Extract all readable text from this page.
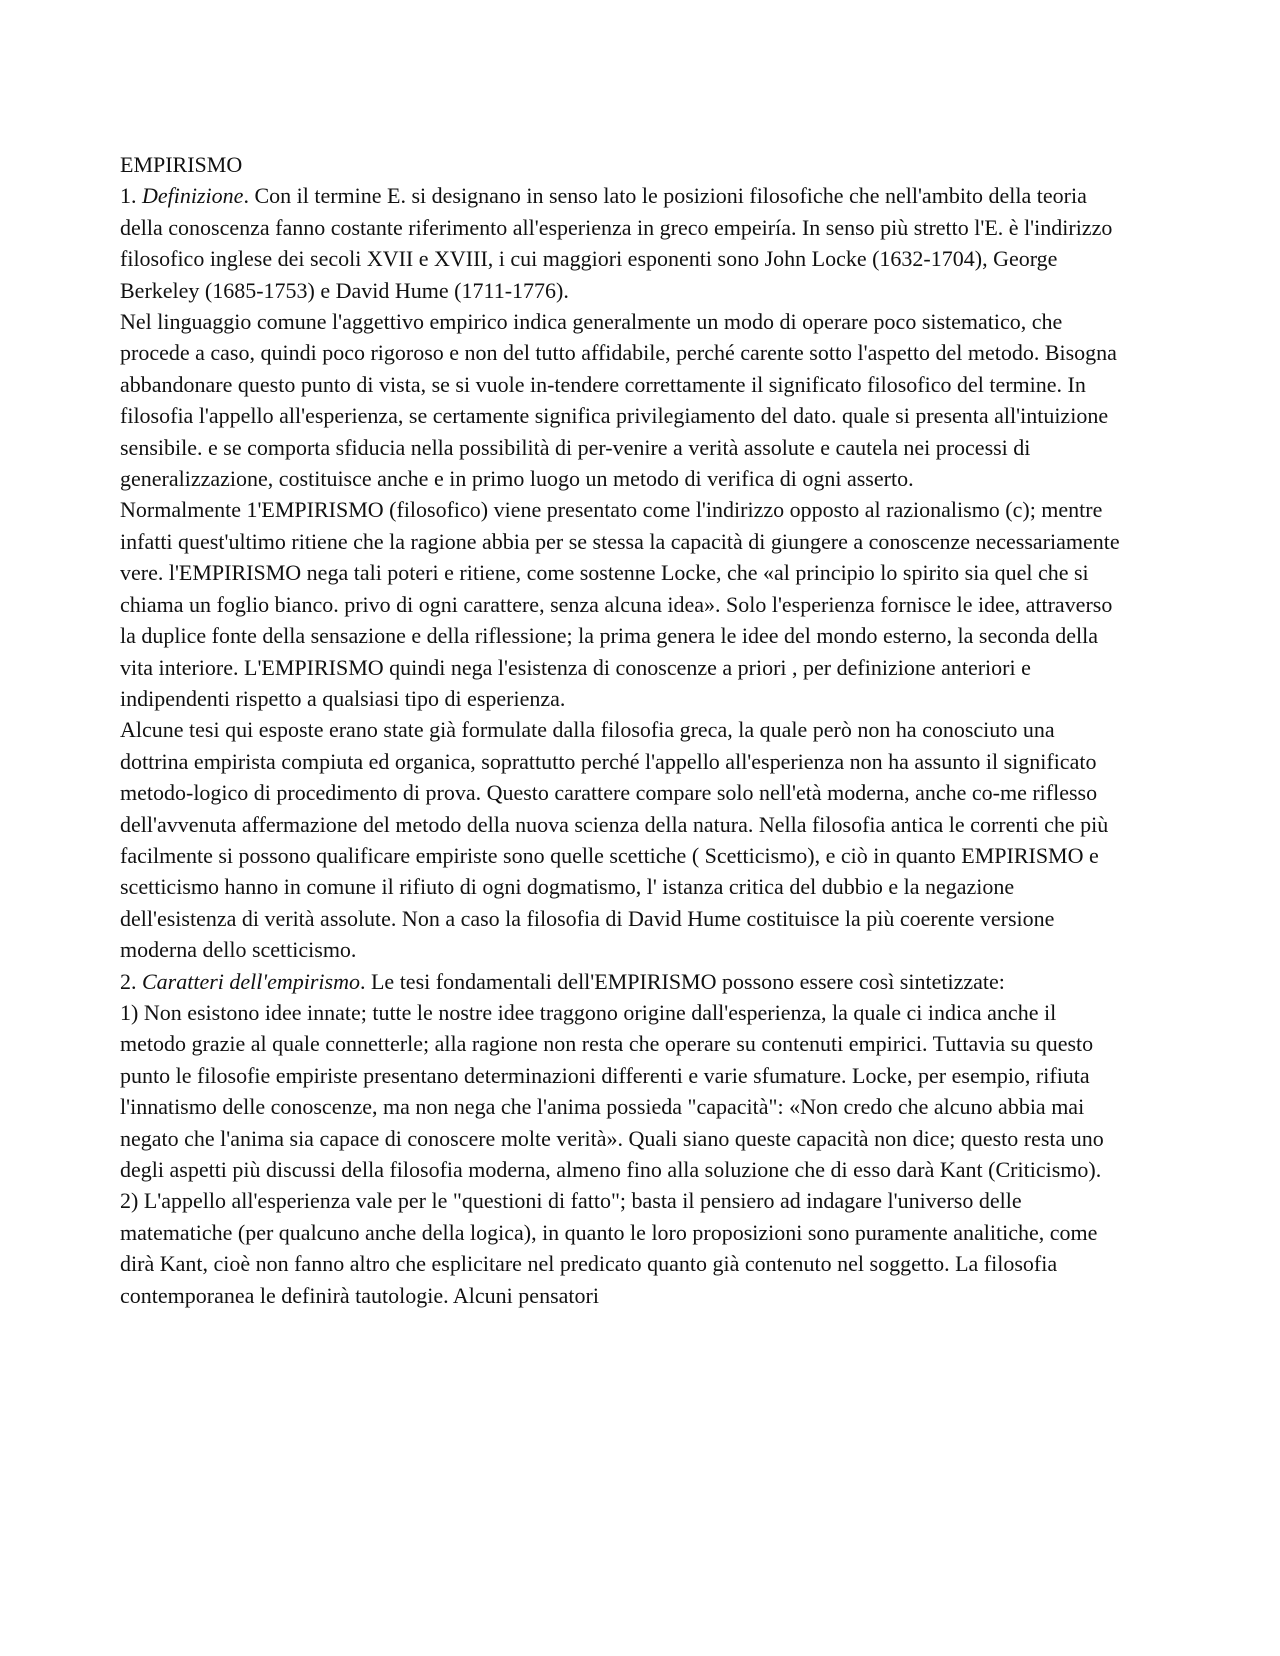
EMPIRISMO

1. Definizione. Con il termine E. si designano in senso lato le posizioni filosofiche che nell'ambito della teoria della conoscenza fanno costante riferimento all'esperienza in greco empeiría. In senso più stretto l'E. è l'indirizzo filosofico inglese dei secoli XVII e XVIII, i cui maggiori esponenti sono John Locke (1632-1704), George Berkeley (1685-1753) e David Hume (1711-1776).

Nel linguaggio comune l'aggettivo empirico indica generalmente un modo di operare poco sistematico, che procede a caso, quindi poco rigoroso e non del tutto affidabile, perché carente sotto l'aspetto del metodo. Bisogna abbandonare questo punto di vista, se si vuole in-tendere correttamente il significato filosofico del termine. In filosofia l'appello all'esperienza, se certamente significa privilegiamento del dato. quale si presenta all'intuizione sensibile. e se comporta sfiducia nella possibilità di per-venire a verità assolute e cautela nei processi di generalizzazione, costituisce anche e in primo luogo un metodo di verifica di ogni asserto.

Normalmente 1'EMPIRISMO (filosofico) viene presentato come l'indirizzo opposto al razionalismo (c); mentre infatti quest'ultimo ritiene che la ragione abbia per se stessa la capacità di giungere a conoscenze necessariamente vere. l'EMPIRISMO nega tali poteri e ritiene, come sostenne Locke, che «al principio lo spirito sia quel che si chiama un foglio bianco. privo di ogni carattere, senza alcuna idea». Solo l'esperienza fornisce le idee, attraverso la duplice fonte della sensazione e della riflessione; la prima genera le idee del mondo esterno, la seconda della vita interiore. L'EMPIRISMO quindi nega l'esistenza di conoscenze a priori , per definizione anteriori e indipendenti rispetto a qualsiasi tipo di esperienza.

Alcune tesi qui esposte erano state già formulate dalla filosofia greca, la quale però non ha conosciuto una dottrina empirista compiuta ed organica, soprattutto perché l'appello all'esperienza non ha assunto il significato metodo-logico di procedimento di prova. Questo carattere compare solo nell'età moderna, anche co-me riflesso dell'avvenuta affermazione del metodo della nuova scienza della natura. Nella filosofia antica le correnti che più facilmente si possono qualificare empiriste sono quelle scettiche ( Scetticismo), e ciò in quanto EMPIRISMO e scetticismo hanno in comune il rifiuto di ogni dogmatismo, l' istanza critica del dubbio e la negazione dell'esistenza di verità assolute. Non a caso la filosofia di David Hume costituisce la più coerente versione moderna dello scetticismo.

2. Caratteri dell'empirismo. Le tesi fondamentali dell'EMPIRISMO possono essere così sintetizzate:

1) Non esistono idee innate; tutte le nostre idee traggono origine dall'esperienza, la quale ci indica anche il metodo grazie al quale connetterle; alla ragione non resta che operare su contenuti empirici. Tuttavia su questo punto le filosofie empiriste presentano determinazioni differenti e varie sfumature. Locke, per esempio, rifiuta l'innatismo delle conoscenze, ma non nega che l'anima possieda "capacità": «Non credo che alcuno abbia mai negato che l'anima sia capace di conoscere molte verità». Quali siano queste capacità non dice; questo resta uno degli aspetti più discussi della filosofia moderna, almeno fino alla soluzione che di esso darà Kant (Criticismo).

2) L'appello all'esperienza vale per le "questioni di fatto"; basta il pensiero ad indagare l'universo delle matematiche (per qualcuno anche della logica), in quanto le loro proposizioni sono puramente analitiche, come dirà Kant, cioè non fanno altro che esplicitare nel predicato quanto già contenuto nel soggetto. La filosofia contemporanea le definirà tautologie. Alcuni pensatori
